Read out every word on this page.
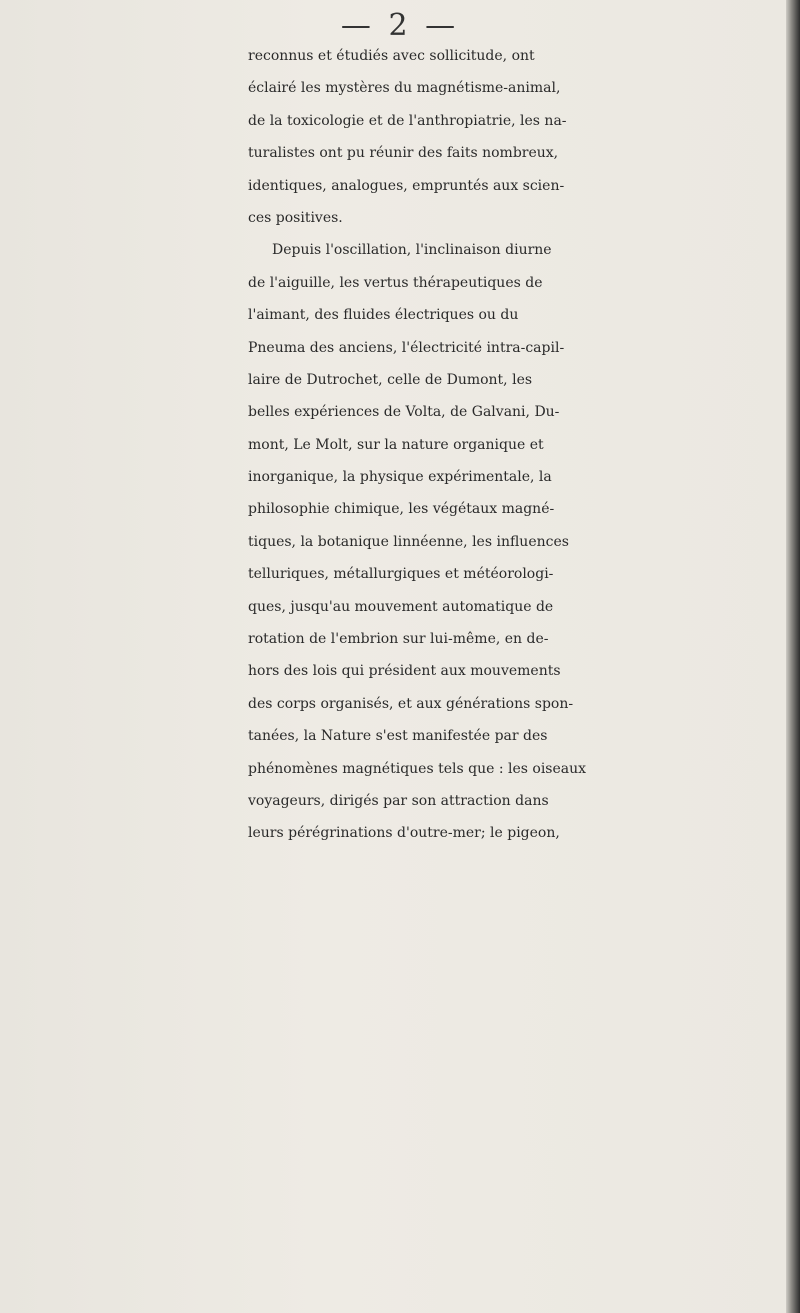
— 2 —
reconnus et étudiés avec sollicitude, ont
éclairé les mystères du magnétisme-animal,
de la toxicologie et de l'anthropiatrie, les na-
turalistes ont pu réunir des faits nombreux,
identiques, analogues, empruntés aux scien-
ces positives.
Depuis l'oscillation, l'inclinaison diurne
de l'aiguille, les vertus thérapeutiques de
l'aimant, des fluides électriques ou du
Pneuma des anciens, l'électricité intra-capil-
laire de Dutrochet, celle de Dumont, les
belles expériences de Volta, de Galvani, Du-
mont, Le Molt, sur la nature organique et
inorganique, la physique expérimentale, la
philosophie chimique, les végétaux magné-
tiques, la botanique linnéenne, les influences
telluriques, métallurgiques et météorologi-
ques, jusqu'au mouvement automatique de
rotation de l'embrion sur lui-même, en de-
hors des lois qui président aux mouvements
des corps organisés, et aux générations spon-
tanées, la Nature s'est manifestée par des
phénomènes magnétiques tels que : les oiseaux
voyageurs, dirigés par son attraction dans
leurs pérégrinations d'outre-mer; le pigeon,
